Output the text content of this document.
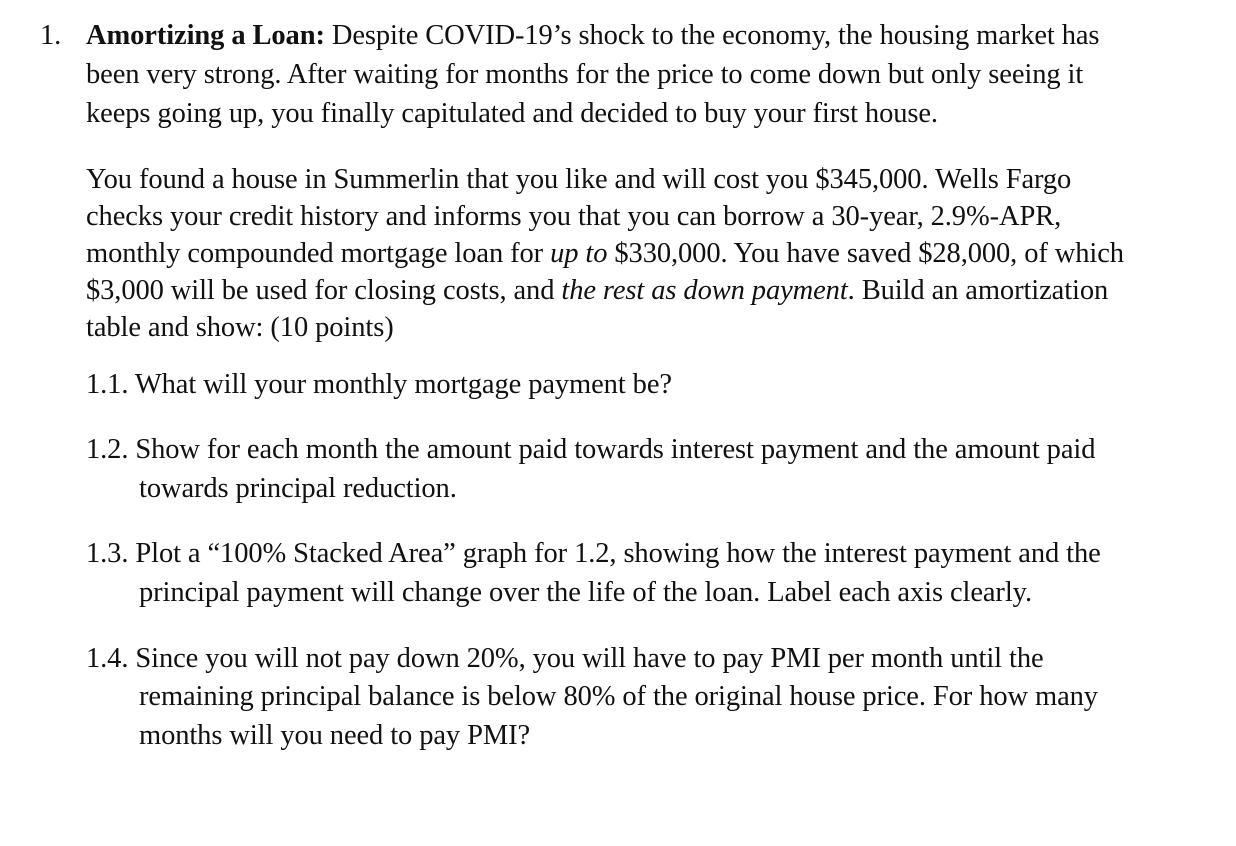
1. Amortizing a Loan: Despite COVID-19’s shock to the economy, the housing market has
been very strong. After waiting for months for the price to come down but only seeing it
keeps going up, you finally capitulated and decided to buy your first house.
You found a house in Summerlin that you like and will cost you $345,000. Wells Fargo
checks your credit history and informs you that you can borrow a 30-year, 2.9%-APR,
monthly compounded mortgage loan for up to $330,000. You have saved $28,000, of which
$3,000 will be used for closing costs, and the rest as down payment. Build an amortization
table and show: (10 points)
1.1. What will your monthly mortgage payment be?
1.2. Show for each month the amount paid towards interest payment and the amount paid
towards principal reduction.
1.3. Plot a “100% Stacked Area” graph for 1.2, showing how the interest payment and the
principal payment will change over the life of the loan. Label each axis clearly.
1.4. Since you will not pay down 20%, you will have to pay PMI per month until the
remaining principal balance is below 80% of the original house price. For how many
months will you need to pay PMI?
